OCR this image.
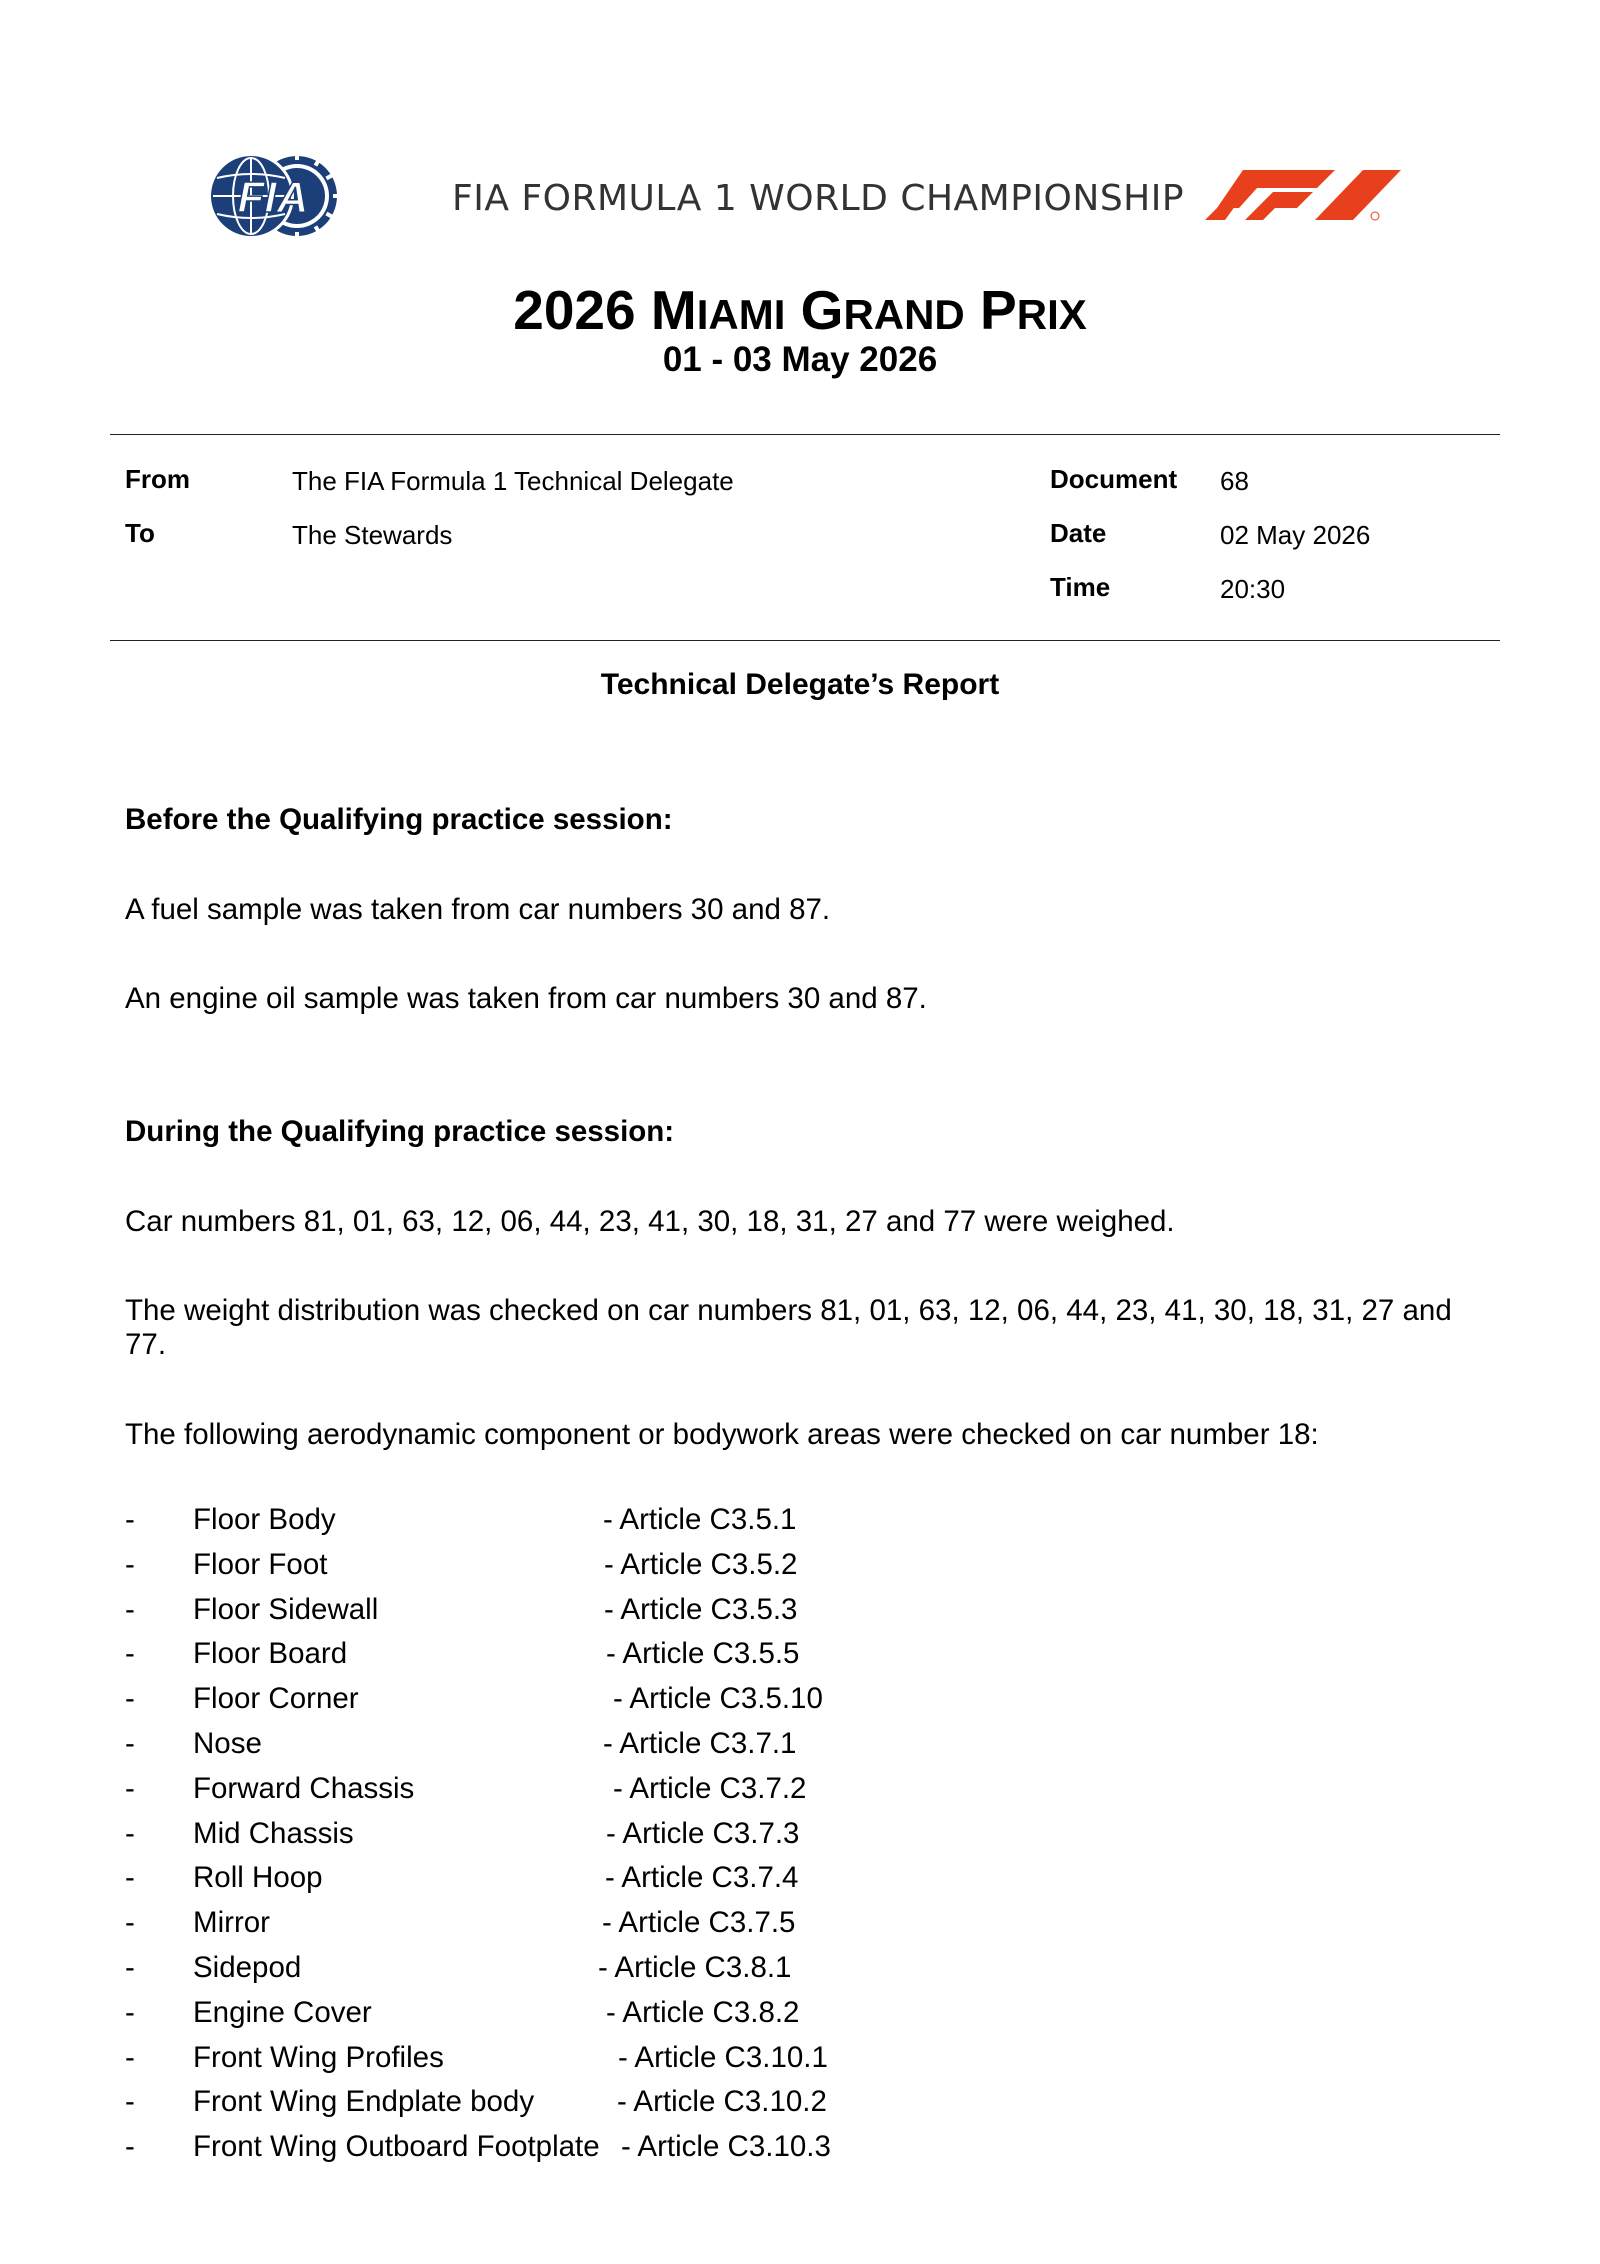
FIA	FIA FORMULA 1 WORLD CHAMPIONSHIP
2026 MIAMI GRAND PRIX
01 - 03 May 2026
From	The FIA Formula 1 Technical Delegate
To	The Stewards
Document 68
Date	02 May 2026
Time	20:30
Technical Delegate’s Report
Before the Qualifying practice session:
A fuel sample was taken from car numbers 30 and 87.
An engine oil sample was taken from car numbers 30 and 87.
During the Qualifying practice session:
Car numbers 81, 01, 63, 12, 06, 44, 23, 41, 30, 18, 31, 27 and 77 were weighed.
The weight distribution was checked on car numbers 81, 01, 63, 12, 06, 44, 23, 41, 30, 18, 31, 27 and 77.
The following aerodynamic component or bodywork areas were checked on car number 18:
- Floor Body	- Article C3.5.1
- Floor Foot	- Article C3.5.2
- Floor Sidewall	- Article C3.5.3
- Floor Board	- Article C3.5.5
- Floor Corner	- Article C3.5.10
- Nose	- Article C3.7.1
- Forward Chassis	- Article C3.7.2
- Mid Chassis	- Article C3.7.3
- Roll Hoop	- Article C3.7.4
- Mirror	- Article C3.7.5
- Sidepod	- Article C3.8.1
- Engine Cover	- Article C3.8.2
- Front Wing Profiles	- Article C3.10.1
- Front Wing Endplate body	- Article C3.10.2
- Front Wing Outboard Footplate - Article C3.10.3
